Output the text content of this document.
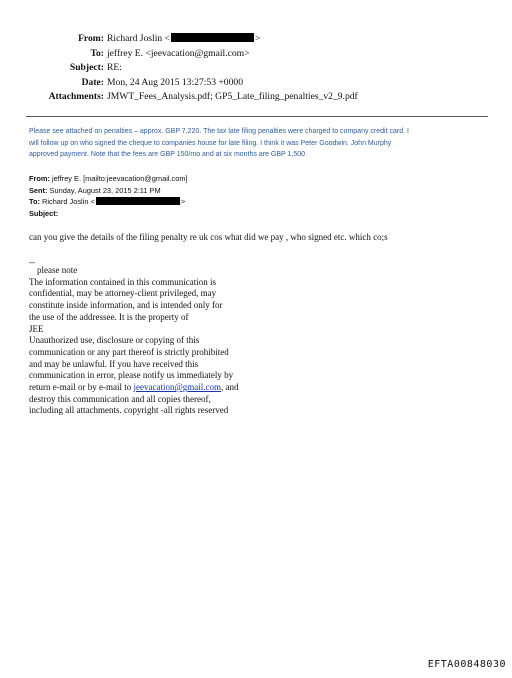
From: Richard Joslin <	>
To: jeffrey E. <jeevacation@gmail.com>
Subject: RE:
Date: Mon, 24 Aug 2015 13:27:53 +0000
Attachments: JMWT_Fees_Analysis.pdf; GP5_Late_filing_penalties_v2_9.pdf
Please see attached on penalties – approx. GBP 7,220. The tax late filing penalties were charged to company credit card. I
will follow up on who signed the cheque to companies house for late filing. I think it was Peter Goodwin. John Murphy
approved payment. Note that the fees are GBP 150/mo and at six months are GBP 1,500.
From: jeffrey E. [mailto:jeevacation@gmail.com]
Sent: Sunday, August 23, 2015 2:11 PM
To: Richard Joslin <	>
Subject:
can you give the details of the filing penalty re uk cos what did we pay , who signed etc. which co;s
--
please note
The information contained in this communication is
confidential, may be attorney-client privileged, may
constitute inside information, and is intended only for
the use of the addressee. It is the property of
JEE
Unauthorized use, disclosure or copying of this
communication or any part thereof is strictly prohibited
and may be unlawful. If you have received this
communication in error, please notify us immediately by
return e-mail or by e-mail to jeevacation@gmail.com, and
destroy this communication and all copies thereof,
including all attachments. copyright -all rights reserved
EFTA00848030
